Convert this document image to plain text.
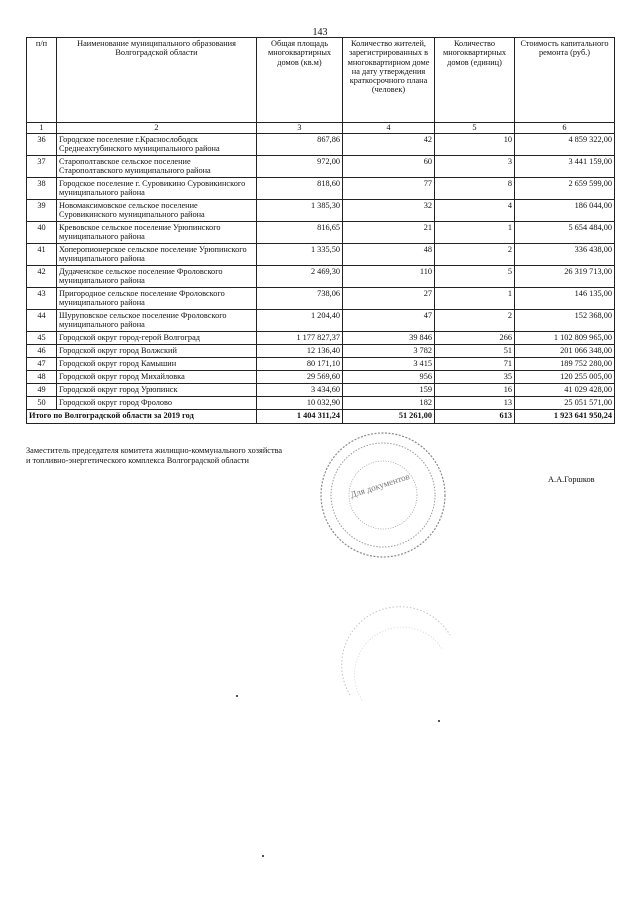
143
п/п	Наименование муниципального образования Волгоградской области	Общая площадь многоквартирных домов (кв.м)	Количество жителей, зарегистрированных в многоквартирном доме на дату утверждения краткосрочного плана (человек)	Количество многоквартирных домов (единиц)	Стоимость капитального ремонта (руб.)
1	2	3	4	5	6
36	Городское поселение г.Краснослободск Среднеахтубинского муниципального района	867,86	42	10	4 859 322,00
37	Старополтавское сельское поселение Старополтавского муниципального района	972,00	60	3	3 441 159,00
38	Городское поселение г. Суровикино Суровикинского муниципального района	818,60	77	8	2 659 599,00
39	Новомаксимовское сельское поселение Суровикинского муниципального района	1 385,30	32	4	186 044,00
40	Кревовское сельское поселение Урюпинского муниципального района	816,65	21	1	5 654 484,00
41	Хоперопионерское сельское поселение Урюпинского муниципального района	1 335,50	48	2	336 438,00
42	Дудаченское сельское поселение Фроловского муниципального района	2 469,30	110	5	26 319 713,00
43	Пригородное сельское поселение Фроловского муниципального района	738,06	27	1	146 135,00
44	Шуруповское сельское поселение Фроловского муниципального района	1 204,40	47	2	152 368,00
45	Городской округ город-герой Волгоград	1 177 827,37	39 846	266	1 102 809 965,00
46	Городской округ город Волжский	12 136,40	3 782	51	201 066 348,00
47	Городской округ город Камышин	80 171,10	3 415	71	189 752 280,00
48	Городской округ город Михайловка	29 569,60	956	35	120 255 005,00
49	Городской округ город Урюпинск	3 434,60	159	16	41 029 428,00
50	Городской округ город Фролово	10 032,90	182	13	25 051 571,00
Итого по Волгоградской области за 2019 год		1 404 311,24	51 261,00	613	1 923 641 950,24
Заместитель председателя комитета жилищно-коммунального хозяйства и топливно-энергетического комплекса Волгоградской области
Для документов	А.А.Горшков
